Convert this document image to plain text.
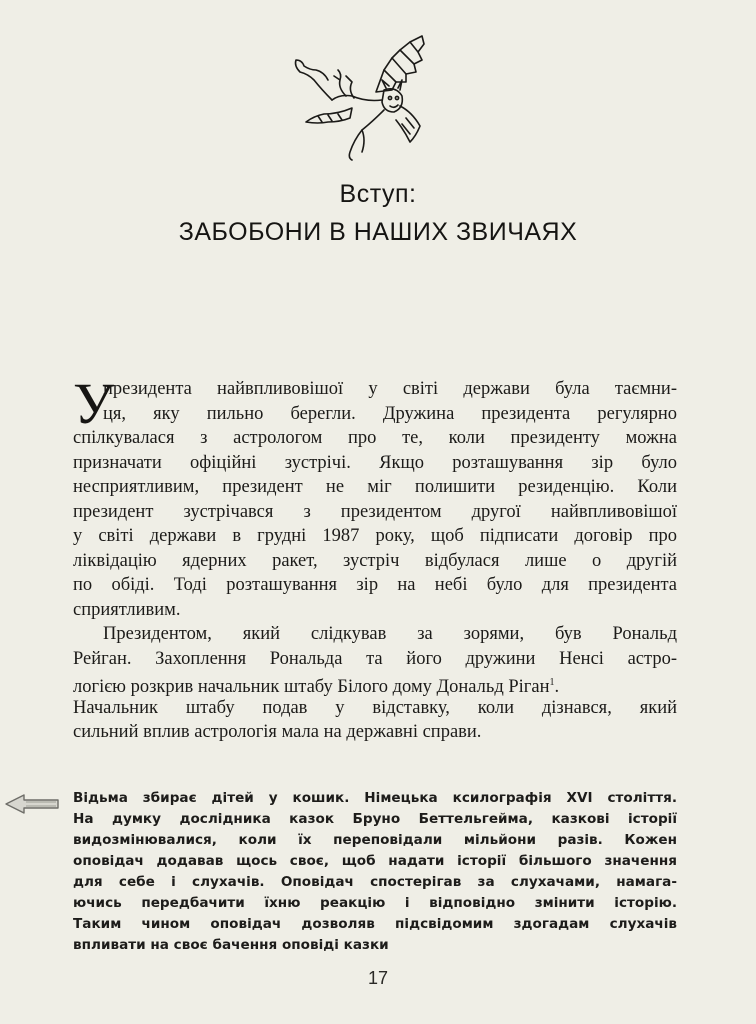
Вступ:
ЗАБОБОНИ В НАШИХ ЗВИЧАЯХ
У
президента найвпливовішої у світі держави була таємни-
ця, яку пильно берегли. Дружина президента регулярно
спілкувалася з астрологом про те, коли президенту можна
призначати офіційні зустрічі. Якщо розташування зір було
несприятливим, президент не міг полишити резиденцію. Коли
президент зустрічався з президентом другої найвпливовішої
у світі держави в грудні 1987 року, щоб підписати договір про
ліквідацію ядерних ракет, зустріч відбулася лише о другій
по обіді. Тоді розташування зір на небі було для президента
сприятливим.
Президентом, який слідкував за зорями, був Рональд
Рейган. Захоплення Рональда та його дружини Ненсі астро-
логією розкрив начальник штабу Білого дому Дональд Ріган$^1$.
Начальник штабу подав у відставку, коли дізнався, який
сильний вплив астрологія мала на державні справи.
Відьма збирає дітей у кошик. Німецька ксилографія XVI століття.
На думку дослідника казок Бруно Беттельгейма, казкові історії
видозмінювалися, коли їх переповідали мільйони разів. Кожен
оповідач додавав щось своє, щоб надати історії більшого значення
для себе і слухачів. Оповідач спостерігав за слухачами, намага-
ючись передбачити їхню реакцію і відповідно змінити історію.
Таким чином оповідач дозволяв підсвідомим здогадам слухачів
впливати на своє бачення оповіді казки
17
